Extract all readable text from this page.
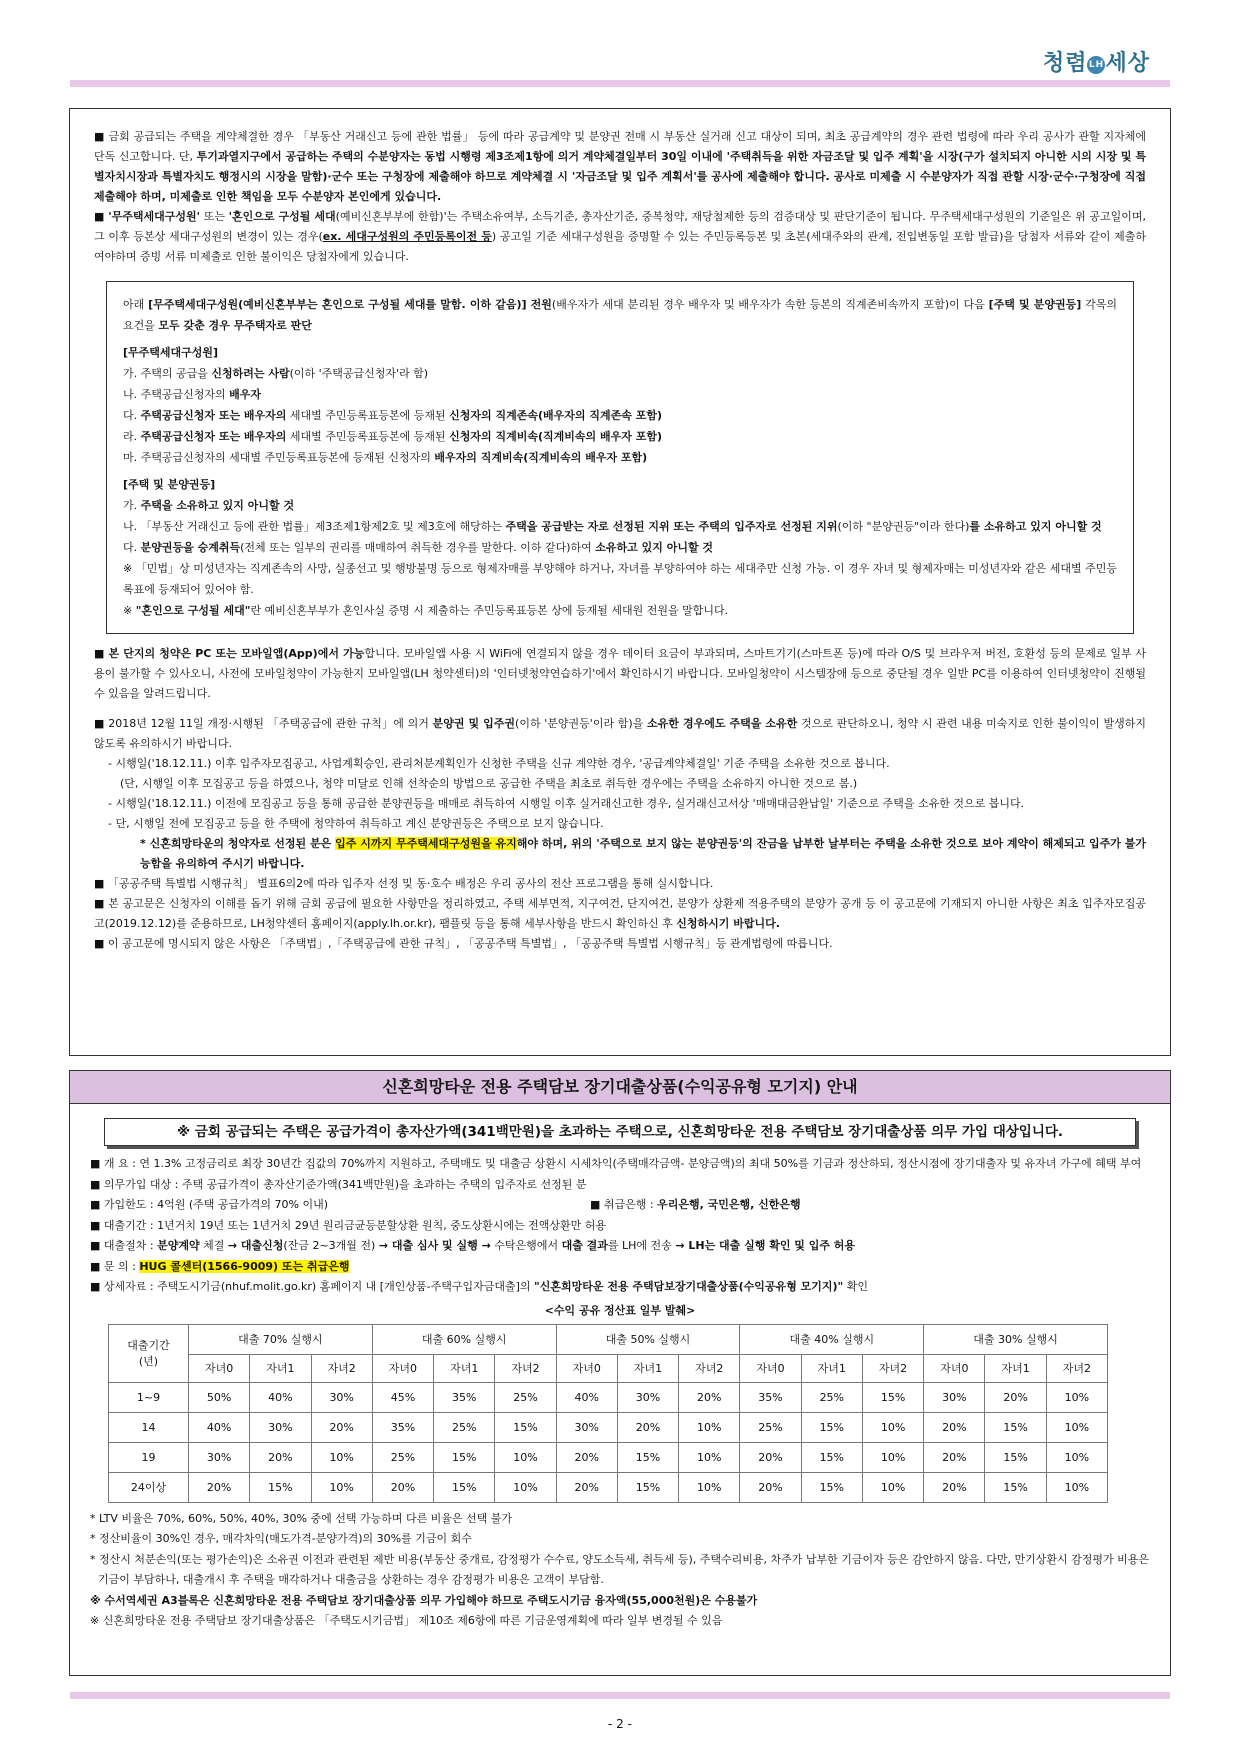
청렴LH세상
■ 금회 공급되는 주택을 계약체결한 경우 「부동산 거래신고 등에 관한 법률」 등에 따라 공급계약 및 분양권 전매 시 부동산 실거래 신고 대상이 되며, 최초 공급계약의 경우 관련 법령에 따라 우리 공사가 관할 지자체에 단독 신고합니다. 단, 투기과열지구에서 공급하는 주택의 수분양자는 동법 시행령 제3조제1항에 의거 계약체결일부터 30일 이내에 '주택취득을 위한 자금조달 및 입주 계획'을 시장(구가 설치되지 아니한 시의 시장 및 특별자치시장과 특별자치도 행정시의 시장을 말함)·군수 또는 구청장에 제출해야 하므로 계약체결 시 '자금조달 및 입주 계획서'를 공사에 제출해야 합니다. 공사로 미제출 시 수분양자가 직접 관할 시장·군수·구청장에 직접 제출해야 하며, 미제출로 인한 책임을 모두 수분양자 본인에게 있습니다.
■ '무주택세대구성원' 또는 '혼인으로 구성될 세대(예비신혼부부에 한함)'는 주택소유여부, 소득기준, 총자산기준, 중복청약, 재당첨제한 등의 검증대상 및 판단기준이 됩니다. 무주택세대구성원의 기준일은 위 공고일이며, 그 이후 등본상 세대구성원의 변경이 있는 경우(ex. 세대구성원의 주민등록이전 등) 공고일 기준 세대구성원을 증명할 수 있는 주민등록등본 및 초본(세대주와의 관계, 전입변동일 포함 발급)을 당첨자 서류와 같이 제출하여야하며 증빙 서류 미제출로 인한 불이익은 당첨자에게 있습니다.
아래 [무주택세대구성원(예비신혼부부는 혼인으로 구성될 세대를 말함. 이하 같음)] 전원(배우자가 세대 분리된 경우 배우자 및 배우자가 속한 등본의 직계존비속까지 포함)이 다음 [주택 및 분양권등] 각목의 요건을 모두 갖춘 경우 무주택자로 판단
[무주택세대구성원]
가. 주택의 공급을 신청하려는 사람(이하 '주택공급신청자'라 함)
나. 주택공급신청자의 배우자
다. 주택공급신청자 또는 배우자의 세대별 주민등록표등본에 등재된 신청자의 직계존속(배우자의 직계존속 포함)
라. 주택공급신청자 또는 배우자의 세대별 주민등록표등본에 등재된 신청자의 직계비속(직계비속의 배우자 포함)
마. 주택공급신청자의 세대별 주민등록표등본에 등재된 신청자의 배우자의 직계비속(직계비속의 배우자 포함)
[주택 및 분양권등]
가. 주택을 소유하고 있지 아니할 것
나. 「부동산 거래신고 등에 관한 법률」제3조제1항제2호 및 제3호에 해당하는 주택을 공급받는 자로 선정된 지위 또는 주택의 입주자로 선정된 지위(이하 "분양권등"이라 한다)를 소유하고 있지 아니할 것
다. 분양권등을 승계취득(전체 또는 일부의 권리를 매매하여 취득한 경우를 말한다. 이하 같다)하여 소유하고 있지 아니할 것
※ 「민법」상 미성년자는 직계존속의 사망, 실종선고 및 행방불명 등으로 형제자매를 부양해야 하거나, 자녀를 부양하여야 하는 세대주만 신청 가능. 이 경우 자녀 및 형제자매는 미성년자와 같은 세대별 주민등록표에 등재되어 있어야 함.
※ "혼인으로 구성될 세대"란 예비신혼부부가 혼인사실 증명 시 제출하는 주민등록표등본 상에 등재될 세대원 전원을 말합니다.
■ 본 단지의 청약은 PC 또는 모바일앱(App)에서 가능합니다. 모바일앱 사용 시 WiFi에 연결되지 않을 경우 데이터 요금이 부과되며, 스마트기기(스마트폰 등)에 따라 O/S 및 브라우저 버전, 호환성 등의 문제로 일부 사용이 불가할 수 있사오니, 사전에 모바일청약이 가능한지 모바일앱(LH 청약센터)의 '인터넷청약연습하기'에서 확인하시기 바랍니다. 모바일청약이 시스템장애 등으로 중단될 경우 일반 PC를 이용하여 인터넷청약이 진행될 수 있음을 알려드립니다.
■ 2018년 12월 11일 개정·시행된 「주택공급에 관한 규칙」에 의거 분양권 및 입주권(이하 '분양권등'이라 함)을 소유한 경우에도 주택을 소유한 것으로 판단하오니, 청약 시 관련 내용 미숙지로 인한 불이익이 발생하지 않도록 유의하시기 바랍니다.
- 시행일('18.12.11.) 이후 입주자모집공고, 사업계획승인, 관리처분계획인가 신청한 주택을 신규 계약한 경우, '공급계약체결일' 기준 주택을 소유한 것으로 봅니다.
(단, 시행일 이후 모집공고 등을 하였으나, 청약 미달로 인해 선착순의 방법으로 공급한 주택을 최초로 취득한 경우에는 주택을 소유하지 아니한 것으로 봄.)
- 시행일('18.12.11.) 이전에 모집공고 등을 통해 공급한 분양권등을 매매로 취득하여 시행일 이후 실거래신고한 경우, 실거래신고서상 '매매대금완납일' 기준으로 주택을 소유한 것으로 봅니다.
- 단, 시행일 전에 모집공고 등을 한 주택에 청약하여 취득하고 계신 분양권등은 주택으로 보지 않습니다.
* 신혼희망타운의 청약자로 선정된 분은 입주 시까지 무주택세대구성원을 유지해야 하며, 위의 '주택으로 보지 않는 분양권등'의 잔금을 납부한 날부터는 주택을 소유한 것으로 보아 계약이 해제되고 입주가 불가능함을 유의하여 주시기 바랍니다.
■ 「공공주택 특별법 시행규칙」 별표6의2에 따라 입주자 선정 및 동·호수 배정은 우리 공사의 전산 프로그램을 통해 실시합니다.
■ 본 공고문은 신청자의 이해를 돕기 위해 금회 공급에 필요한 사항만을 정리하였고, 주택 세부면적, 지구여건, 단지여건, 분양가 상환제 적용주택의 분양가 공개 등 이 공고문에 기재되지 아니한 사항은 최초 입주자모집공고(2019.12.12)를 준용하므로, LH청약센터 홈페이지(apply.lh.or.kr), 팸플릿 등을 통해 세부사항을 반드시 확인하신 후 신청하시기 바랍니다.
■ 이 공고문에 명시되지 않은 사항은 「주택법」,「주택공급에 관한 규칙」, 「공공주택 특별법」, 「공공주택 특별법 시행규칙」등 관계법령에 따릅니다.
신혼희망타운 전용 주택담보 장기대출상품(수익공유형 모기지) 안내
※ 금회 공급되는 주택은 공급가격이 총자산가액(341백만원)을 초과하는 주택으로, 신혼희망타운 전용 주택담보 장기대출상품 의무 가입 대상입니다.
■ 개 요 : 연 1.3% 고정금리로 최장 30년간 집값의 70%까지 지원하고, 주택매도 및 대출금 상환시 시세차익(주택매각금액- 분양금액)의 최대 50%를 기금과 정산하되, 정산시점에 장기대출자 및 유자녀 가구에 혜택 부여
■ 의무가입 대상 : 주택 공급가격이 총자산기준가액(341백만원)을 초과하는 주택의 입주자로 선정된 분
■ 가입한도 : 4억원 (주택 공급가격의 70% 이내)	■ 취급은행 : 우리은행, 국민은행, 신한은행
■ 대출기간 : 1년거치 19년 또는 1년거치 29년 원리금균등분할상환 원칙, 중도상환시에는 전액상환만 허용
■ 대출절차 : 분양계약 체결 → 대출신청(잔금 2~3개월 전) → 대출 심사 및 실행 → 수탁은행에서 대출 결과를 LH에 전송 → LH는 대출 실행 확인 및 입주 허용
■ 문 의 : HUG 콜센터(1566-9009) 또는 취급은행
■ 상세자료 : 주택도시기금(nhuf.molit.go.kr) 홈페이지 내 [개인상품-주택구입자금대출]의 "신혼희망타운 전용 주택담보장기대출상품(수익공유형 모기지)" 확인
<수익 공유 정산표 일부 발췌>
대출기간
(년)	대출 70% 실행시			대출 60% 실행시			대출 50% 실행시			대출 40% 실행시			대출 30% 실행시		
	자녀0	자녀1	자녀2	자녀0	자녀1	자녀2	자녀0	자녀1	자녀2	자녀0	자녀1	자녀2	자녀0	자녀1	자녀2
1~9	50%	40%	30%	45%	35%	25%	40%	30%	20%	35%	25%	15%	30%	20%	10%
14	40%	30%	20%	35%	25%	15%	30%	20%	10%	25%	15%	10%	20%	15%	10%
19	30%	20%	10%	25%	15%	10%	20%	15%	10%	20%	15%	10%	20%	15%	10%
24이상	20%	15%	10%	20%	15%	10%	20%	15%	10%	20%	15%	10%	20%	15%	10%
* LTV 비율은 70%, 60%, 50%, 40%, 30% 중에 선택 가능하며 다른 비율은 선택 불가
* 정산비율이 30%인 경우, 매각차익(매도가격-분양가격)의 30%를 기금이 회수
* 정산시 처분손익(또는 평가손익)은 소유권 이전과 관련된 제반 비용(부동산 중개료, 감정평가 수수료, 양도소득세, 취득세 등), 주택수리비용, 차주가 납부한 기금이자 등은 감안하지 않음. 다만, 만기상환시 감정평가 비용은 기금이 부담하나, 대출개시 후 주택을 매각하거나 대출금을 상환하는 경우 감정평가 비용은 고객이 부담함.
※ 수서역세권 A3블록은 신혼희망타운 전용 주택담보 장기대출상품 의무 가입해야 하므로 주택도시기금 융자액(55,000천원)은 수용불가
※ 신혼희망타운 전용 주택담보 장기대출상품은 「주택도시기금법」 제10조 제6항에 따른 기금운영계획에 따라 일부 변경될 수 있음
- 2 -
